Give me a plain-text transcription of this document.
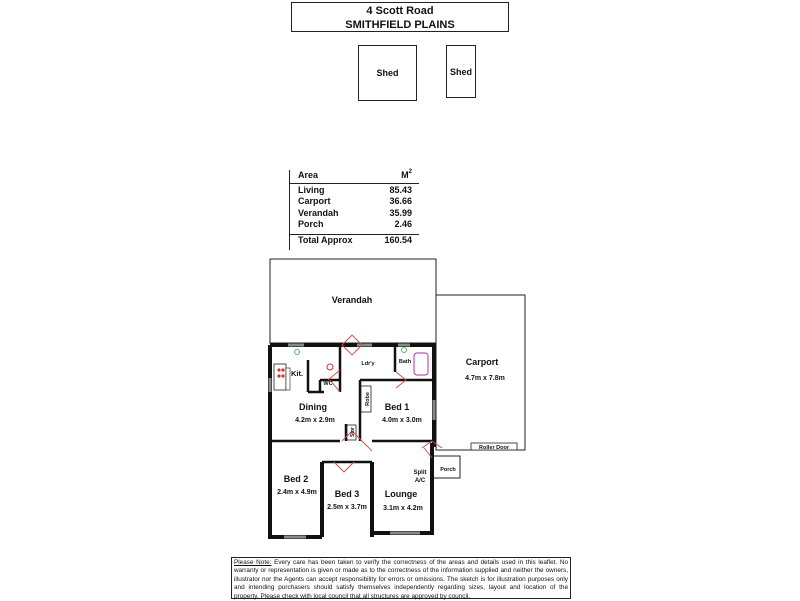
4 Scott Road
SMITHFIELD PLAINS
Shed	Shed
Area	$M^2$
Living	85.43
Carport	36.66
Verandah	35.99
Porch	2.46
Total Approx	160.54
Verandah
Carport
4.7m x 7.8m
Roller Door
Kit.
WC
Ldr'y	Bath
Dining
4.2m x 2.9m
Robe
Bed 1
4.0m x 3.0m
Stor
Bed 2
2.4m x 4.9m Bed 3
2.5m x 3.7m
Lounge
3.1m x 4.2m
Split
A/C
Porch
Please Note: Every care has been taken to verify the correctness of the areas and details used in this leaflet. No warranty or representation is given or made as to the correctness of the information supplied and neither the owners, illustrator nor the Agents can accept responsibility for errors or omissions. The sketch is for illustration purposes only and intending purchasers should satisfy themselves independently regarding sizes, layout and location of the property. Please check with local council that all structures are approved by council.
